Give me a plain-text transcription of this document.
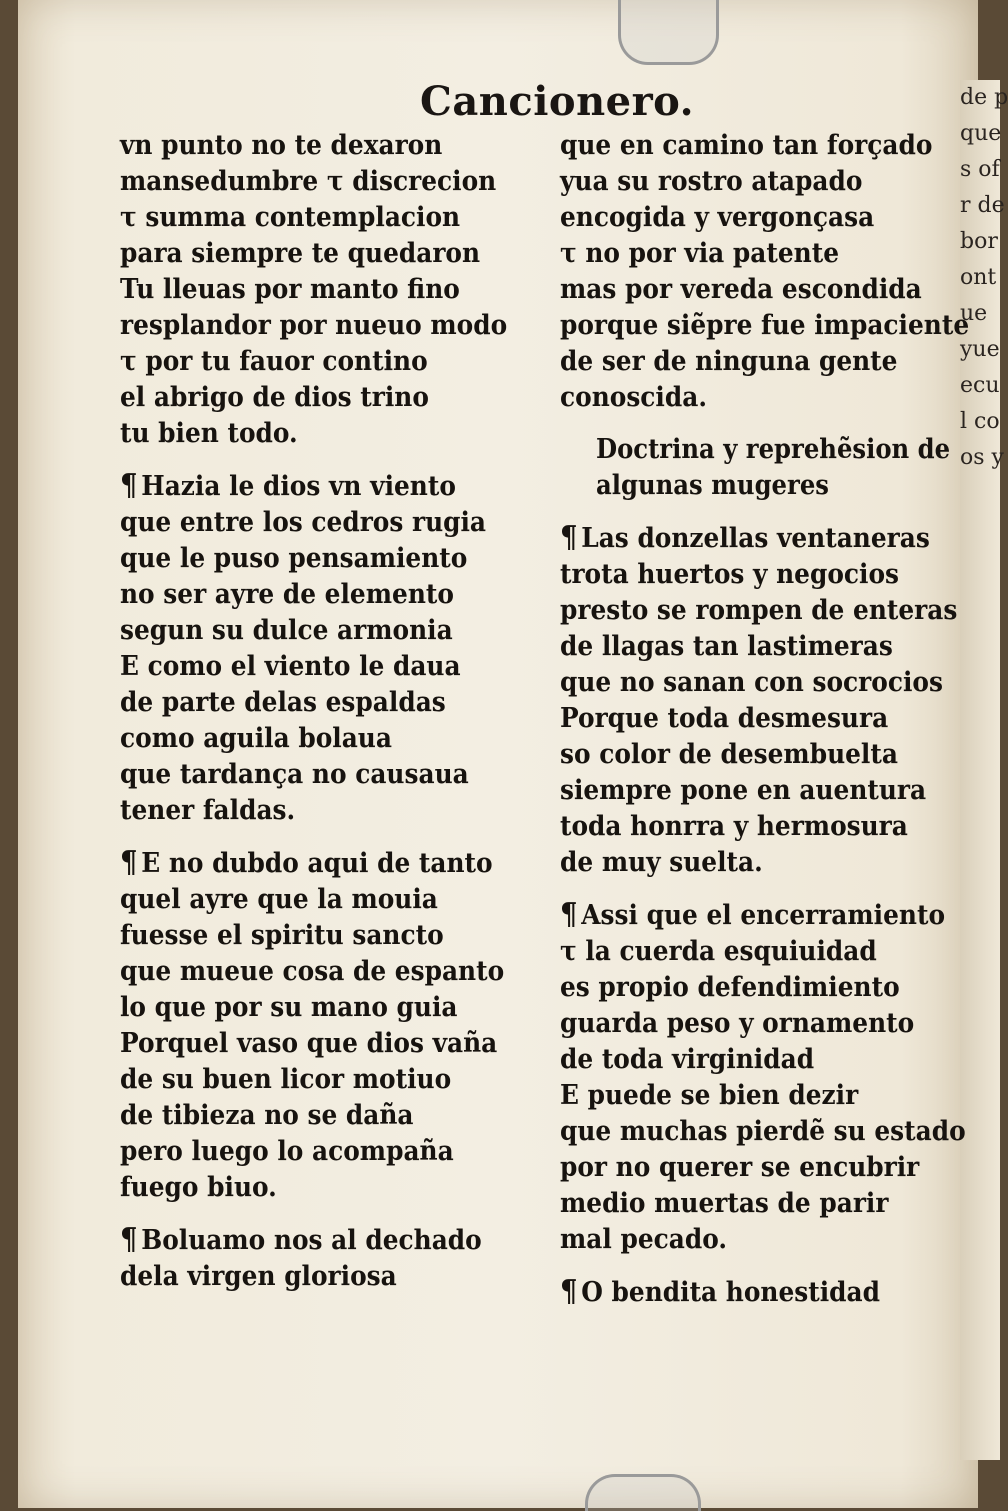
de p
que
s of
r de
bor
ont
ue
yue
ecu
l co
os y
Cancionero.
vn punto no te dexaron
mansedumbre τ discrecion
τ summa contemplacion
para siempre te quedaron
Tu lleuas por manto fino
resplandor por nueuo modo
τ por tu fauor contino
el abrigo de dios trino
tu bien todo.
¶ Hazia le dios vn viento
que entre los cedros rugia
que le puso pensamiento
no ser ayre de elemento
segun su dulce armonia
E como el viento le daua
de parte delas espaldas
como aguila bolaua
que tardança no causaua
tener faldas.
¶ E no dubdo aqui de tanto
quel ayre que la mouia
fuesse el spiritu sancto
que mueue cosa de espanto
lo que por su mano guia
Porquel vaso que dios vaña
de su buen licor motiuo
de tibieza no se daña
pero luego lo acompaña
fuego biuo.
¶ Boluamo nos al dechado
dela virgen gloriosa
que en camino tan forçado
yua su rostro atapado
encogida y vergonçasa
τ no por via patente
mas por vereda escondida
porque siẽpre fue impaciente
de ser de ninguna gente
conoscida.
Doctrina y reprehẽsion de
algunas mugeres
¶ Las donzellas ventaneras
trota huertos y negocios
presto se rompen de enteras
de llagas tan lastimeras
que no sanan con socrocios
Porque toda desmesura
so color de desembuelta
siempre pone en auentura
toda honrra y hermosura
de muy suelta.
¶ Assi que el encerramiento
τ la cuerda esquiuidad
es propio defendimiento
guarda peso y ornamento
de toda virginidad
E puede se bien dezir
que muchas pierdẽ su estado
por no querer se encubrir
medio muertas de parir
mal pecado.
¶ O bendita honestidad
